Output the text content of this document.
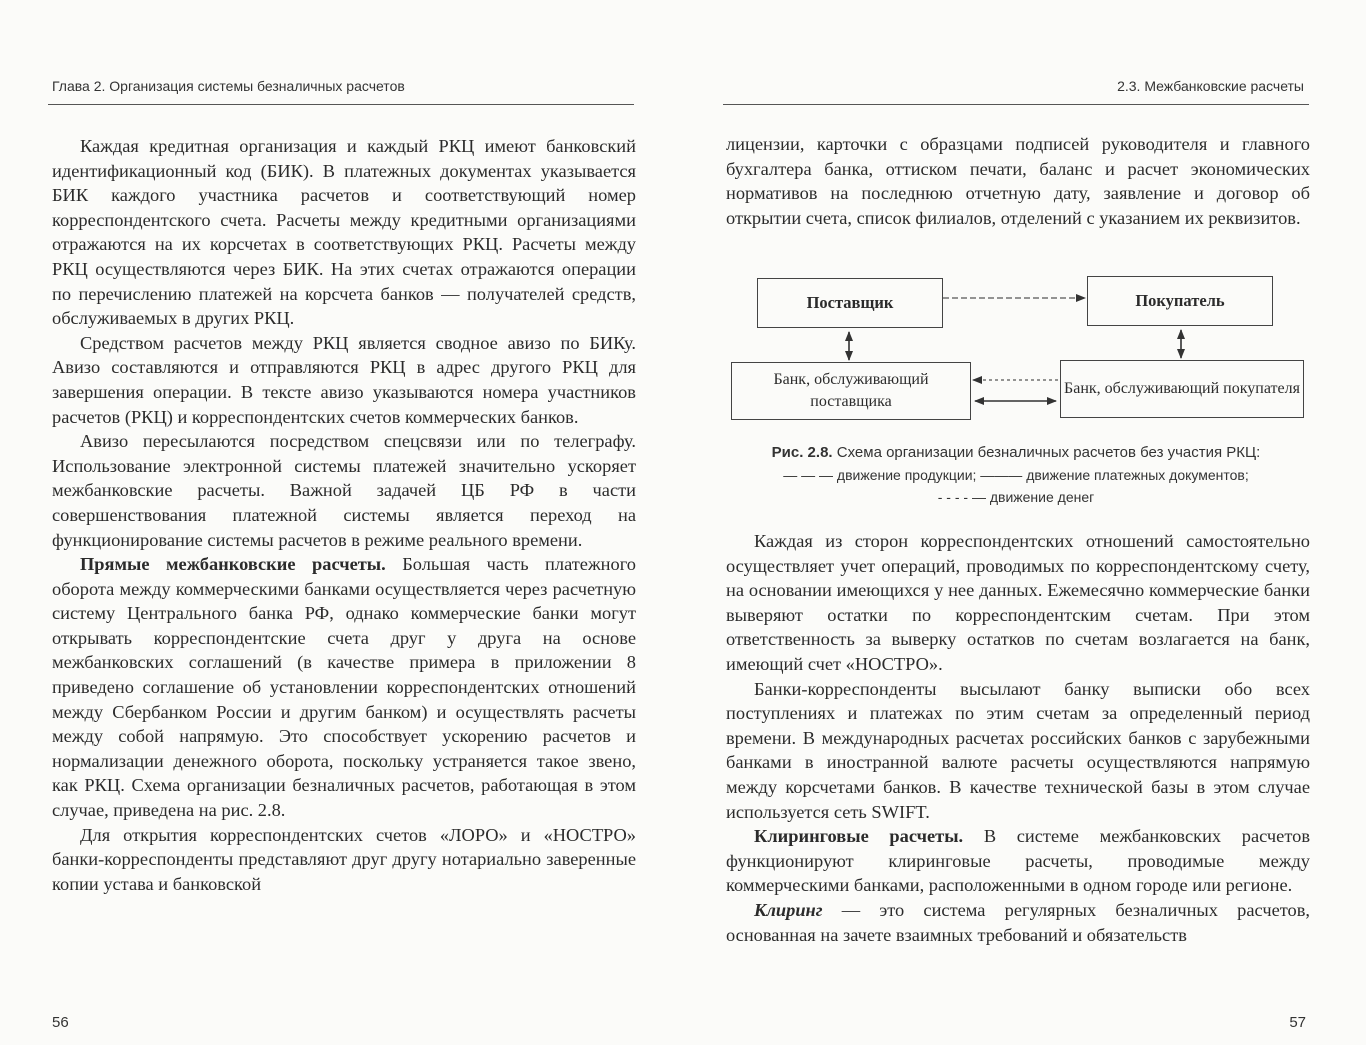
Глава 2. Организация системы безналичных расчетов

Каждая кредитная организация и каждый РКЦ имеют банковский идентификационный код (БИК). В платежных документах указывается БИК каждого участника расчетов и соответствующий номер корреспондентского счета. Расчеты между кредитными организациями отражаются на их корсчетах в соответствующих РКЦ. Расчеты между РКЦ осуществляются через БИК. На этих счетах отражаются операции по перечислению платежей на корсчета банков — получателей средств, обслуживаемых в других РКЦ.

Средством расчетов между РКЦ является сводное авизо по БИКу. Авизо составляются и отправляются РКЦ в адрес другого РКЦ для завершения операции. В тексте авизо указываются номера участников расчетов (РКЦ) и корреспондентских счетов коммерческих банков.

Авизо пересылаются посредством спецсвязи или по телеграфу. Использование электронной системы платежей значительно ускоряет межбанковские расчеты. Важной задачей ЦБ РФ в части совершенствования платежной системы является переход на функционирование системы расчетов в режиме реального времени.

Прямые межбанковские расчеты. Большая часть платежного оборота между коммерческими банками осуществляется через расчетную систему Центрального банка РФ, однако коммерческие банки могут открывать корреспондентские счета друг у друга на основе межбанковских соглашений (в качестве примера в приложении 8 приведено соглашение об установлении корреспондентских отношений между Сбербанком России и другим банком) и осуществлять расчеты между собой напрямую. Это способствует ускорению расчетов и нормализации денежного оборота, поскольку устраняется такое звено, как РКЦ. Схема организации безналичных расчетов, работающая в этом случае, приведена на рис. 2.8.

Для открытия корреспондентских счетов «ЛОРО» и «НОСТРО» банки-корреспонденты представляют друг другу нотариально заверенные копии устава и банковской

56
2.3. Межбанковские расчеты

лицензии, карточки с образцами подписей руководителя и главного бухгалтера банка, оттиском печати, баланс и расчет экономических нормативов на последнюю отчетную дату, заявление и договор об открытии счета, список филиалов, отделений с указанием их реквизитов.

Поставщик	Покупатель
Банк, обслуживающий поставщика
Банк, обслуживающий покупателя
Рис. 2.8. Схема организации безналичных расчетов без участия РКЦ:
— — — движение продукции; ——— движение платежных документов;
- - - - — движение денег

Каждая из сторон корреспондентских отношений самостоятельно осуществляет учет операций, проводимых по корреспондентскому счету, на основании имеющихся у нее данных. Ежемесячно коммерческие банки выверяют остатки по корреспондентским счетам. При этом ответственность за выверку остатков по счетам возлагается на банк, имеющий счет «НОСТРО».

Банки-корреспонденты высылают банку выписки обо всех поступлениях и платежах по этим счетам за определенный период времени. В международных расчетах российских банков с зарубежными банками в иностранной валюте расчеты осуществляются напрямую между корсчетами банков. В качестве технической базы в этом случае используется сеть SWIFT.

Клиринговые расчеты. В системе межбанковских расчетов функционируют клиринговые расчеты, проводимые между коммерческими банками, расположенными в одном городе или регионе.

Клиринг — это система регулярных безналичных расчетов, основанная на зачете взаимных требований и обязательств

57
